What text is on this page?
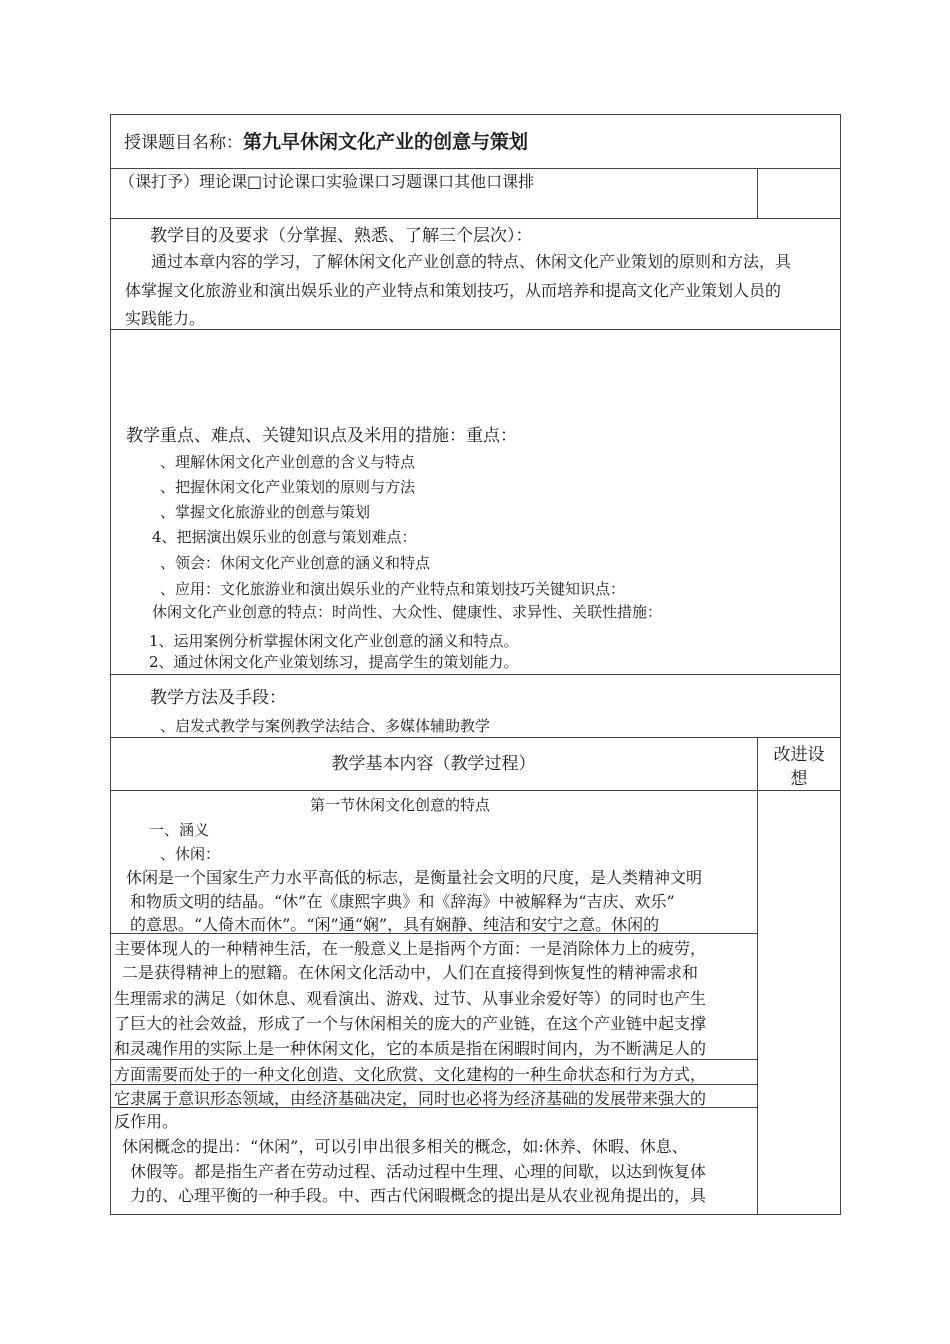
授课题目名称：第九早休闲文化产业的创意与策划
（课打予）理论课□讨论课口实验课口习题课口其他口课排
教学目的及要求（分掌握、熟悉、了解三个层次）：
通过本章内容的学习，了解休闲文化产业创意的特点、休闲文化产业策划的原则和方法，具
体掌握文化旅游业和演出娱乐业的产业特点和策划技巧，从而培养和提高文化产业策划人员的
实践能力。
教学重点、难点、关键知识点及米用的措施：重点：
、理解休闲文化产业创意的含义与特点
、把握休闲文化产业策划的原则与方法
、掌握文化旅游业的创意与策划
4、把据演出娱乐业的创意与策划难点：
、领会：休闲文化产业创意的涵义和特点
、应用：文化旅游业和演出娱乐业的产业特点和策划技巧关键知识点：
休闲文化产业创意的特点：时尚性、大众性、健康性、求异性、关联性措施：
1、运用案例分析掌握休闲文化产业创意的涵义和特点。
2、通过休闲文化产业策划练习，提高学生的策划能力。
教学方法及手段：
、启发式教学与案例教学法结合、多媒体辅助教学
教学基本内容（教学过程）	改进设
想
第一节休闲文化创意的特点
一、涵义
、休闲：
休闲是一个国家生产力水平高低的标志，是衡量社会文明的尺度，是人类精神文明
和物质文明的结晶。“休”在《康熙字典》和《辞海》中被解释为“吉庆、欢乐”
的意思。“人倚木而休”。“闲”通“娴”，具有娴静、纯洁和安宁之意。休闲的
主要体现人的一种精神生活，在一般意义上是指两个方面：一是消除体力上的疲劳，
二是获得精神上的慰籍。在休闲文化活动中，人们在直接得到恢复性的精神需求和
生理需求的满足（如休息、观看演出、游戏、过节、从事业余爱好等）的同时也产生
了巨大的社会效益，形成了一个与休闲相关的庞大的产业链，在这个产业链中起支撑
和灵魂作用的实际上是一种休闲文化，它的本质是指在闲暇时间内，为不断满足人的
方面需要而处于的一种文化创造、文化欣赏、文化建构的一种生命状态和行为方式，
它隶属于意识形态领域，由经济基础决定，同时也必将为经济基础的发展带来强大的
反作用。
休闲概念的提出：“休闲”，可以引申出很多相关的概念，如:休养、休暇、休息、
休假等。都是指生产者在劳动过程、活动过程中生理、心理的间歇，以达到恢复体
力的、心理平衡的一种手段。中、西古代闲暇概念的提出是从农业视角提出的，具
